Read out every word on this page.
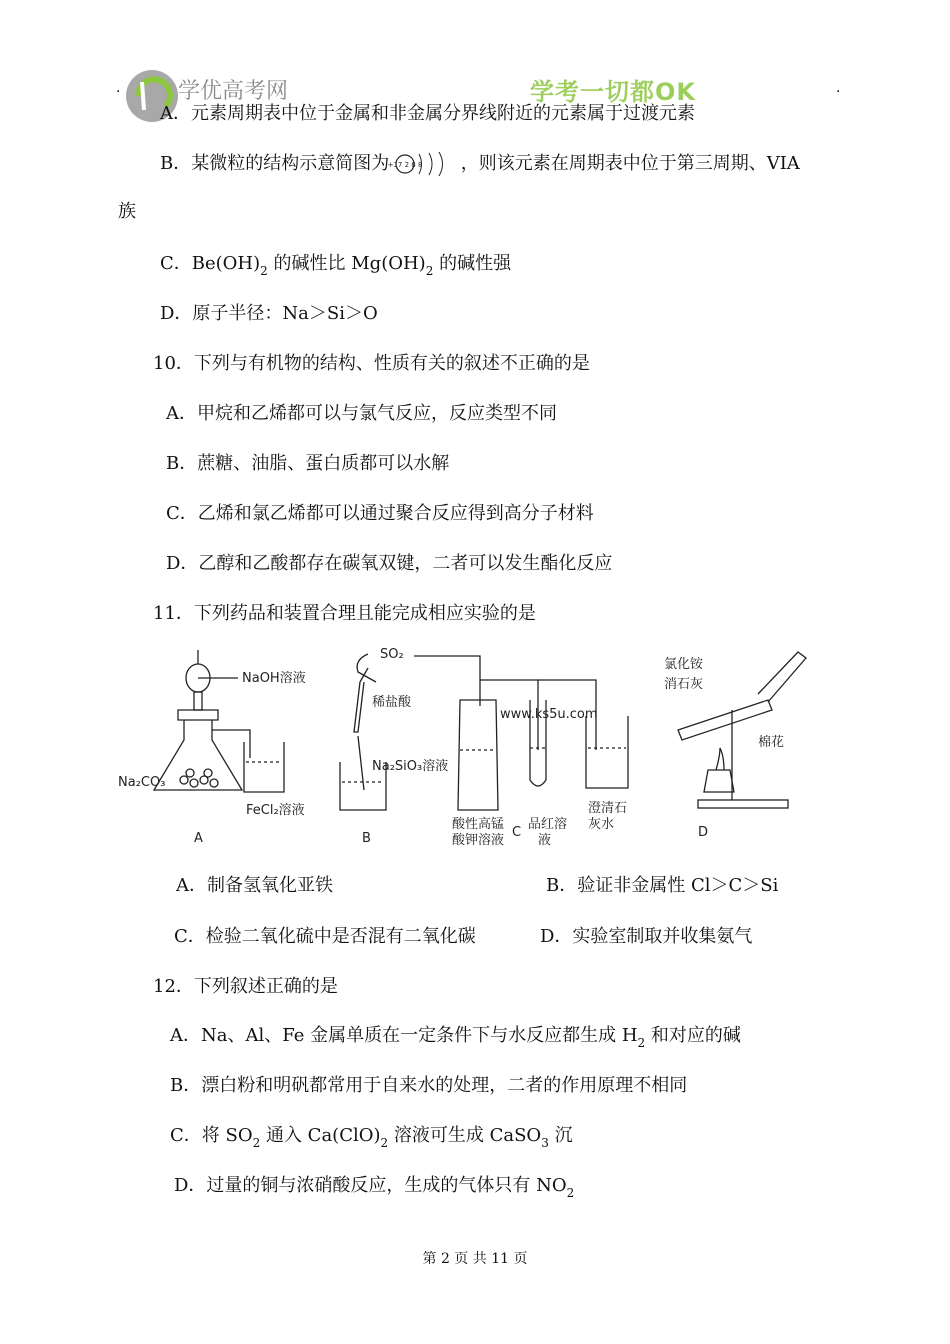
学优高考网	学考一切都OK
.	.
A．元素周期表中位于金属和非金属分界线附近的元素属于过渡元素
B．某微粒的结构示意简图为
+17 2 8 8 ，则该元素在周期表中位于第三周期、VIA
族
C．$Be(OH)_2$ 的碱性比 $Mg(OH)_2$ 的碱性强
D．原子半径：Na＞Si＞O
10．下列与有机物的结构、性质有关的叙述不正确的是
A．甲烷和乙烯都可以与氯气反应，反应类型不同
B．蔗糖、油脂、蛋白质都可以水解
C．乙烯和氯乙烯都可以通过聚合反应得到高分子材料
D．乙醇和乙酸都存在碳氧双键，二者可以发生酯化反应
11．下列药品和装置合理且能完成相应实验的是
NaOH溶液
Na₂CO₃
FeCl₂溶液
A
SO₂
稀盐酸
Na₂SiO₃溶液
B
www.ks5u.com
酸性高锰
酸钾溶液
品红溶
液
C
澄清石
灰水
氯化铵
消石灰
棉花
D
A．制备氢氧化亚铁	B．验证非金属性 Cl＞C＞Si
C．检验二氧化硫中是否混有二氧化碳	D．实验室制取并收集氨气
12．下列叙述正确的是
A．Na、Al、Fe 金属单质在一定条件下与水反应都生成 $H_2$ 和对应的碱
B．漂白粉和明矾都常用于自来水的处理，二者的作用原理不相同
C．将 $SO_2$ 通入 $Ca(ClO)_2$ 溶液可生成 CaSO$_3$ 沉
D．过量的铜与浓硝酸反应，生成的气体只有 $NO_2$
第 2 页 共 11 页
